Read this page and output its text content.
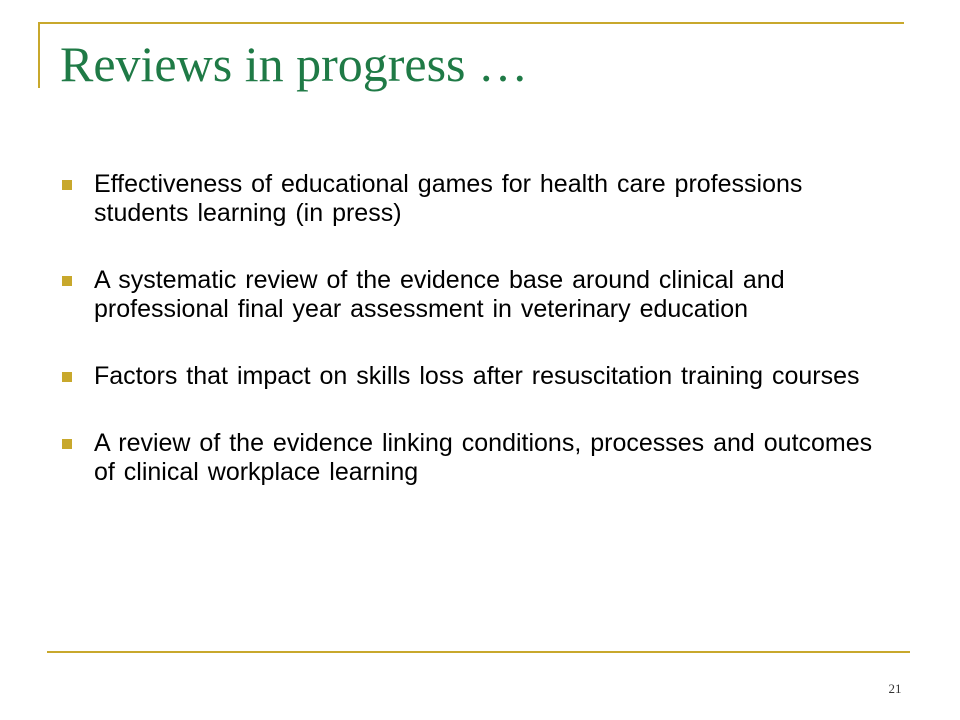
Reviews in progress …
Effectiveness of educational games for health care professions students learning (in press)
A systematic review of the evidence base around clinical and professional final year assessment in veterinary education
Factors that impact on skills loss after resuscitation training courses
A review of the evidence linking conditions, processes and outcomes of clinical workplace learning
21
